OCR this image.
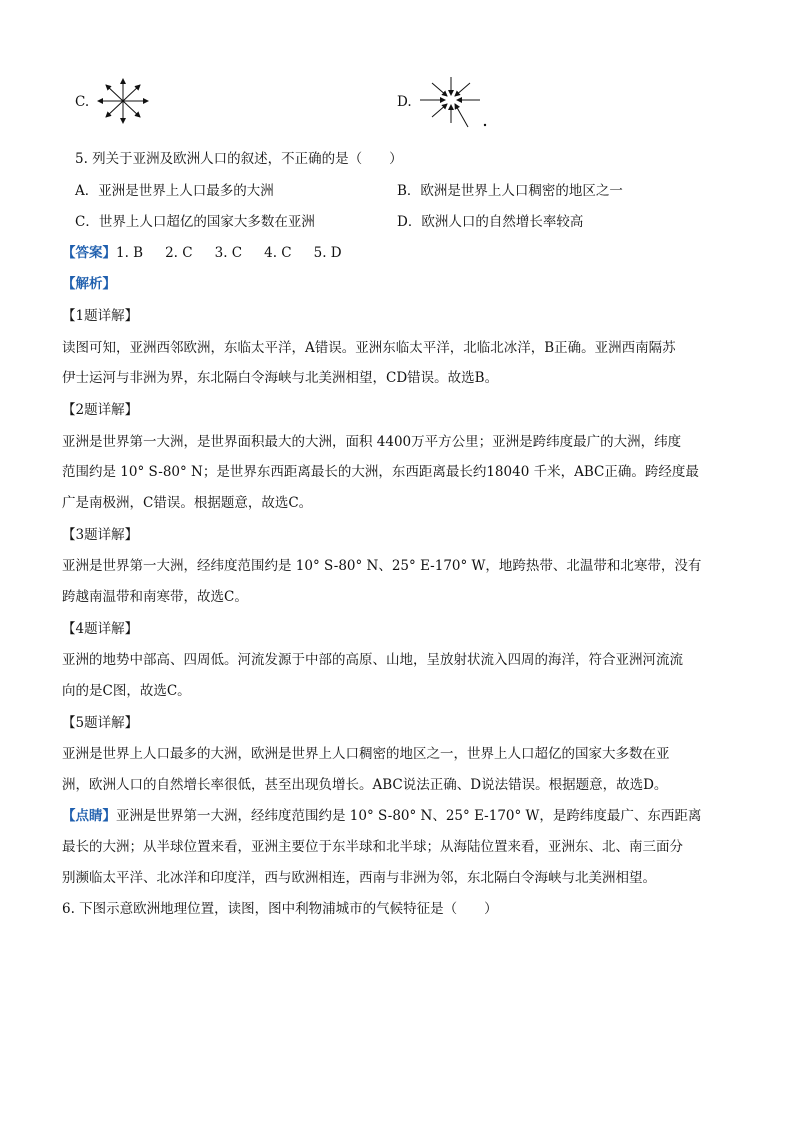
C.	D.
5. 列关于亚洲及欧洲人口的叙述，不正确的是（　　）
A．亚洲是世界上人口最多的大洲	B．欧洲是世界上人口稠密的地区之一
C．世界上人口超亿的国家大多数在亚洲	D．欧洲人口的自然增长率较高
【答案】1. B 2. C 3. C 4. C 5. D
【解析】
【1题详解】
读图可知，亚洲西邻欧洲，东临太平洋，A错误。亚洲东临太平洋，北临北冰洋，B正确。亚洲西南隔苏
伊士运河与非洲为界，东北隔白令海峡与北美洲相望，CD错误。故选B。
【2题详解】
亚洲是世界第一大洲，是世界面积最大的大洲，面积 4400万平方公里；亚洲是跨纬度最广的大洲，纬度
范围约是 10° S-80° N；是世界东西距离最长的大洲，东西距离最长约18040 千米，ABC正确。跨经度最
广是南极洲，C错误。根据题意，故选C。
【3题详解】
亚洲是世界第一大洲，经纬度范围约是 10° S-80° N、25° E-170° W，地跨热带、北温带和北寒带，没有
跨越南温带和南寒带，故选C。
【4题详解】
亚洲的地势中部高、四周低。河流发源于中部的高原、山地，呈放射状流入四周的海洋，符合亚洲河流流
向的是C图，故选C。
【5题详解】
亚洲是世界上人口最多的大洲，欧洲是世界上人口稠密的地区之一，世界上人口超亿的国家大多数在亚
洲，欧洲人口的自然增长率很低，甚至出现负增长。ABC说法正确、D说法错误。根据题意，故选D。
【点睛】亚洲是世界第一大洲，经纬度范围约是 10° S-80° N、25° E-170° W，是跨纬度最广、东西距离
最长的大洲；从半球位置来看，亚洲主要位于东半球和北半球；从海陆位置来看，亚洲东、北、南三面分
别濒临太平洋、北冰洋和印度洋，西与欧洲相连，西南与非洲为邻，东北隔白令海峡与北美洲相望。
6. 下图示意欧洲地理位置，读图，图中利物浦城市的气候特征是（　　）
